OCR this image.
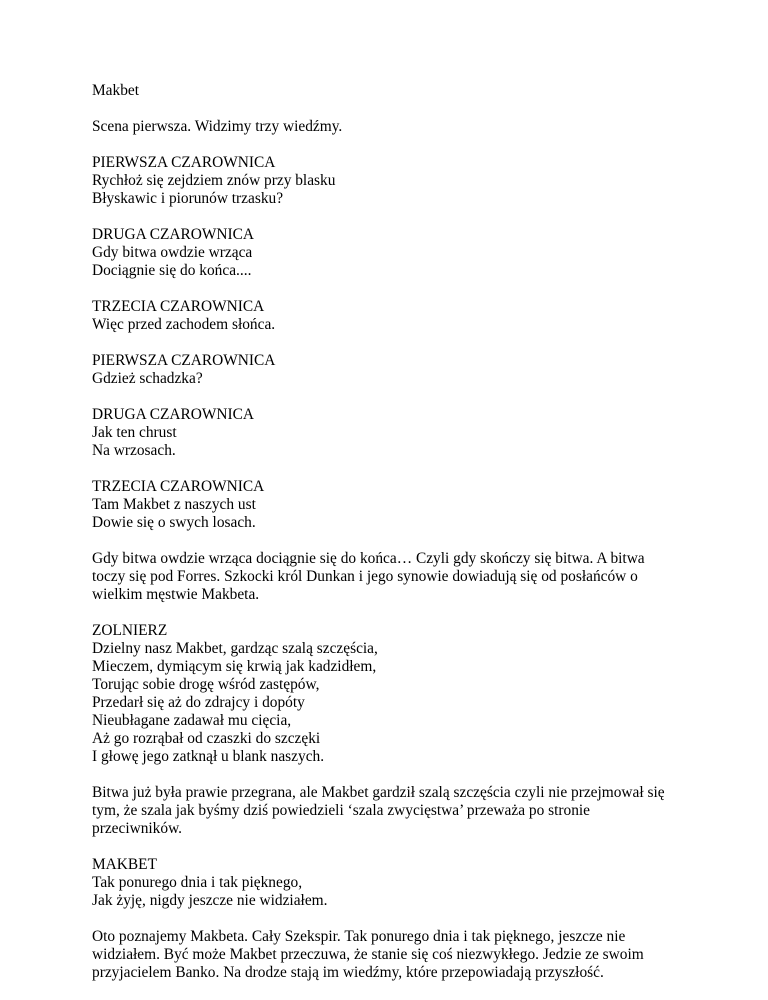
Makbet
Scena pierwsza. Widzimy trzy wiedźmy.
PIERWSZA CZAROWNICA
Rychłoż się zejdziem znów przy blasku
Błyskawic i piorunów trzasku?
DRUGA CZAROWNICA
Gdy bitwa owdzie wrząca
Dociągnie się do końca....
TRZECIA CZAROWNICA
Więc przed zachodem słońca.
PIERWSZA CZAROWNICA
Gdzież schadzka?
DRUGA CZAROWNICA
Jak ten chrust
Na wrzosach.
TRZECIA CZAROWNICA
Tam Makbet z naszych ust
Dowie się o swych losach.
Gdy bitwa owdzie wrząca dociągnie się do końca… Czyli gdy skończy się bitwa. A bitwa
toczy się pod Forres. Szkocki król Dunkan i jego synowie dowiadują się od posłańców o
wielkim męstwie Makbeta.
ZOLNIERZ
Dzielny nasz Makbet, gardząc szalą szczęścia,
Mieczem, dymiącym się krwią jak kadzidłem,
Torując sobie drogę wśród zastępów,
Przedarł się aż do zdrajcy i dopóty
Nieubłagane zadawał mu cięcia,
Aż go rozrąbał od czaszki do szczęki
I głowę jego zatknął u blank naszych.
Bitwa już była prawie przegrana, ale Makbet gardził szalą szczęścia czyli nie przejmował się
tym, że szala jak byśmy dziś powiedzieli ‘szala zwycięstwa’ przeważa po stronie
przeciwników.
MAKBET
Tak ponurego dnia i tak pięknego,
Jak żyję, nigdy jeszcze nie widziałem.
Oto poznajemy Makbeta. Cały Szekspir. Tak ponurego dnia i tak pięknego, jeszcze nie
widziałem. Być może Makbet przeczuwa, że stanie się coś niezwykłego. Jedzie ze swoim
przyjacielem Banko. Na drodze stają im wiedźmy, które przepowiadają przyszłość.
